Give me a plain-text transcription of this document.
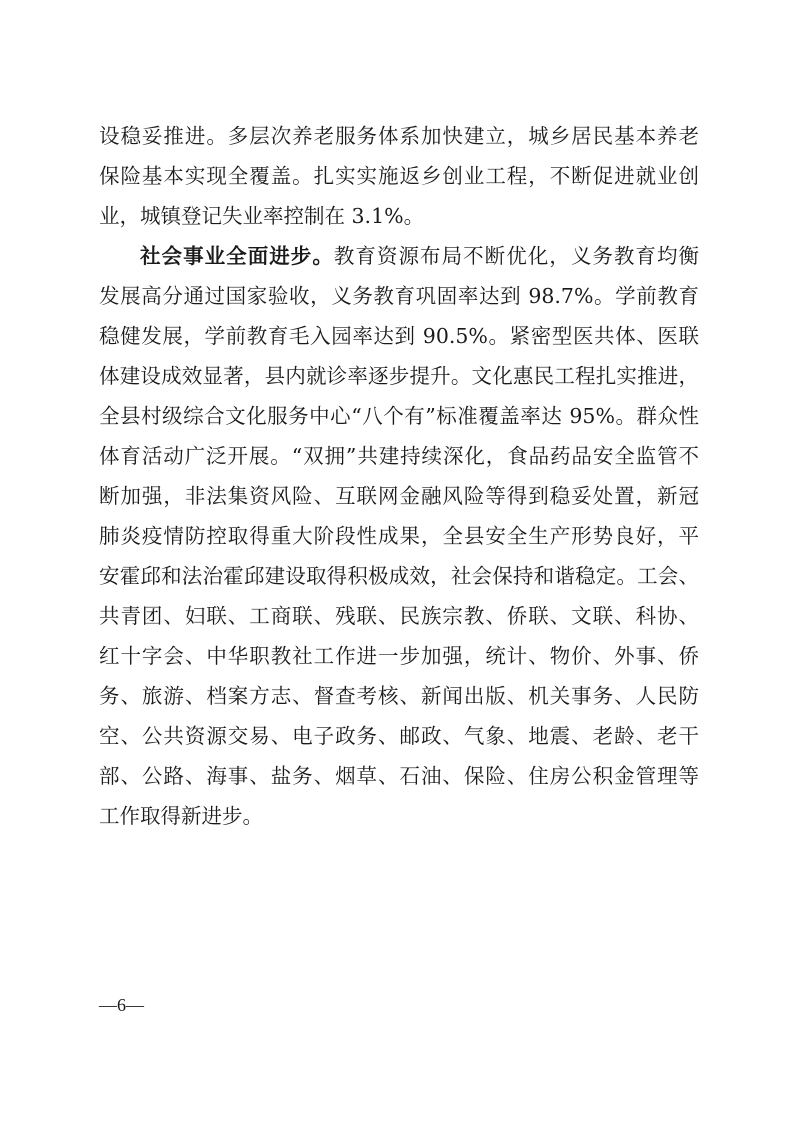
设稳妥推进。多层次养老服务体系加快建立，城乡居民基本养老
保险基本实现全覆盖。扎实实施返乡创业工程，不断促进就业创
业，城镇登记失业率控制在 3.1%。
社会事业全面进步。教育资源布局不断优化，义务教育均衡
发展高分通过国家验收，义务教育巩固率达到 98.7%。学前教育
稳健发展，学前教育毛入园率达到 90.5%。紧密型医共体、医联
体建设成效显著，县内就诊率逐步提升。文化惠民工程扎实推进，
全县村级综合文化服务中心“八个有”标准覆盖率达 95%。群众性
体育活动广泛开展。“双拥”共建持续深化，食品药品安全监管不
断加强，非法集资风险、互联网金融风险等得到稳妥处置，新冠
肺炎疫情防控取得重大阶段性成果，全县安全生产形势良好，平
安霍邱和法治霍邱建设取得积极成效，社会保持和谐稳定。工会、
共青团、妇联、工商联、残联、民族宗教、侨联、文联、科协、
红十字会、中华职教社工作进一步加强，统计、物价、外事、侨
务、旅游、档案方志、督查考核、新闻出版、机关事务、人民防
空、公共资源交易、电子政务、邮政、气象、地震、老龄、老干
部、公路、海事、盐务、烟草、石油、保险、住房公积金管理等
工作取得新进步。
—6—
